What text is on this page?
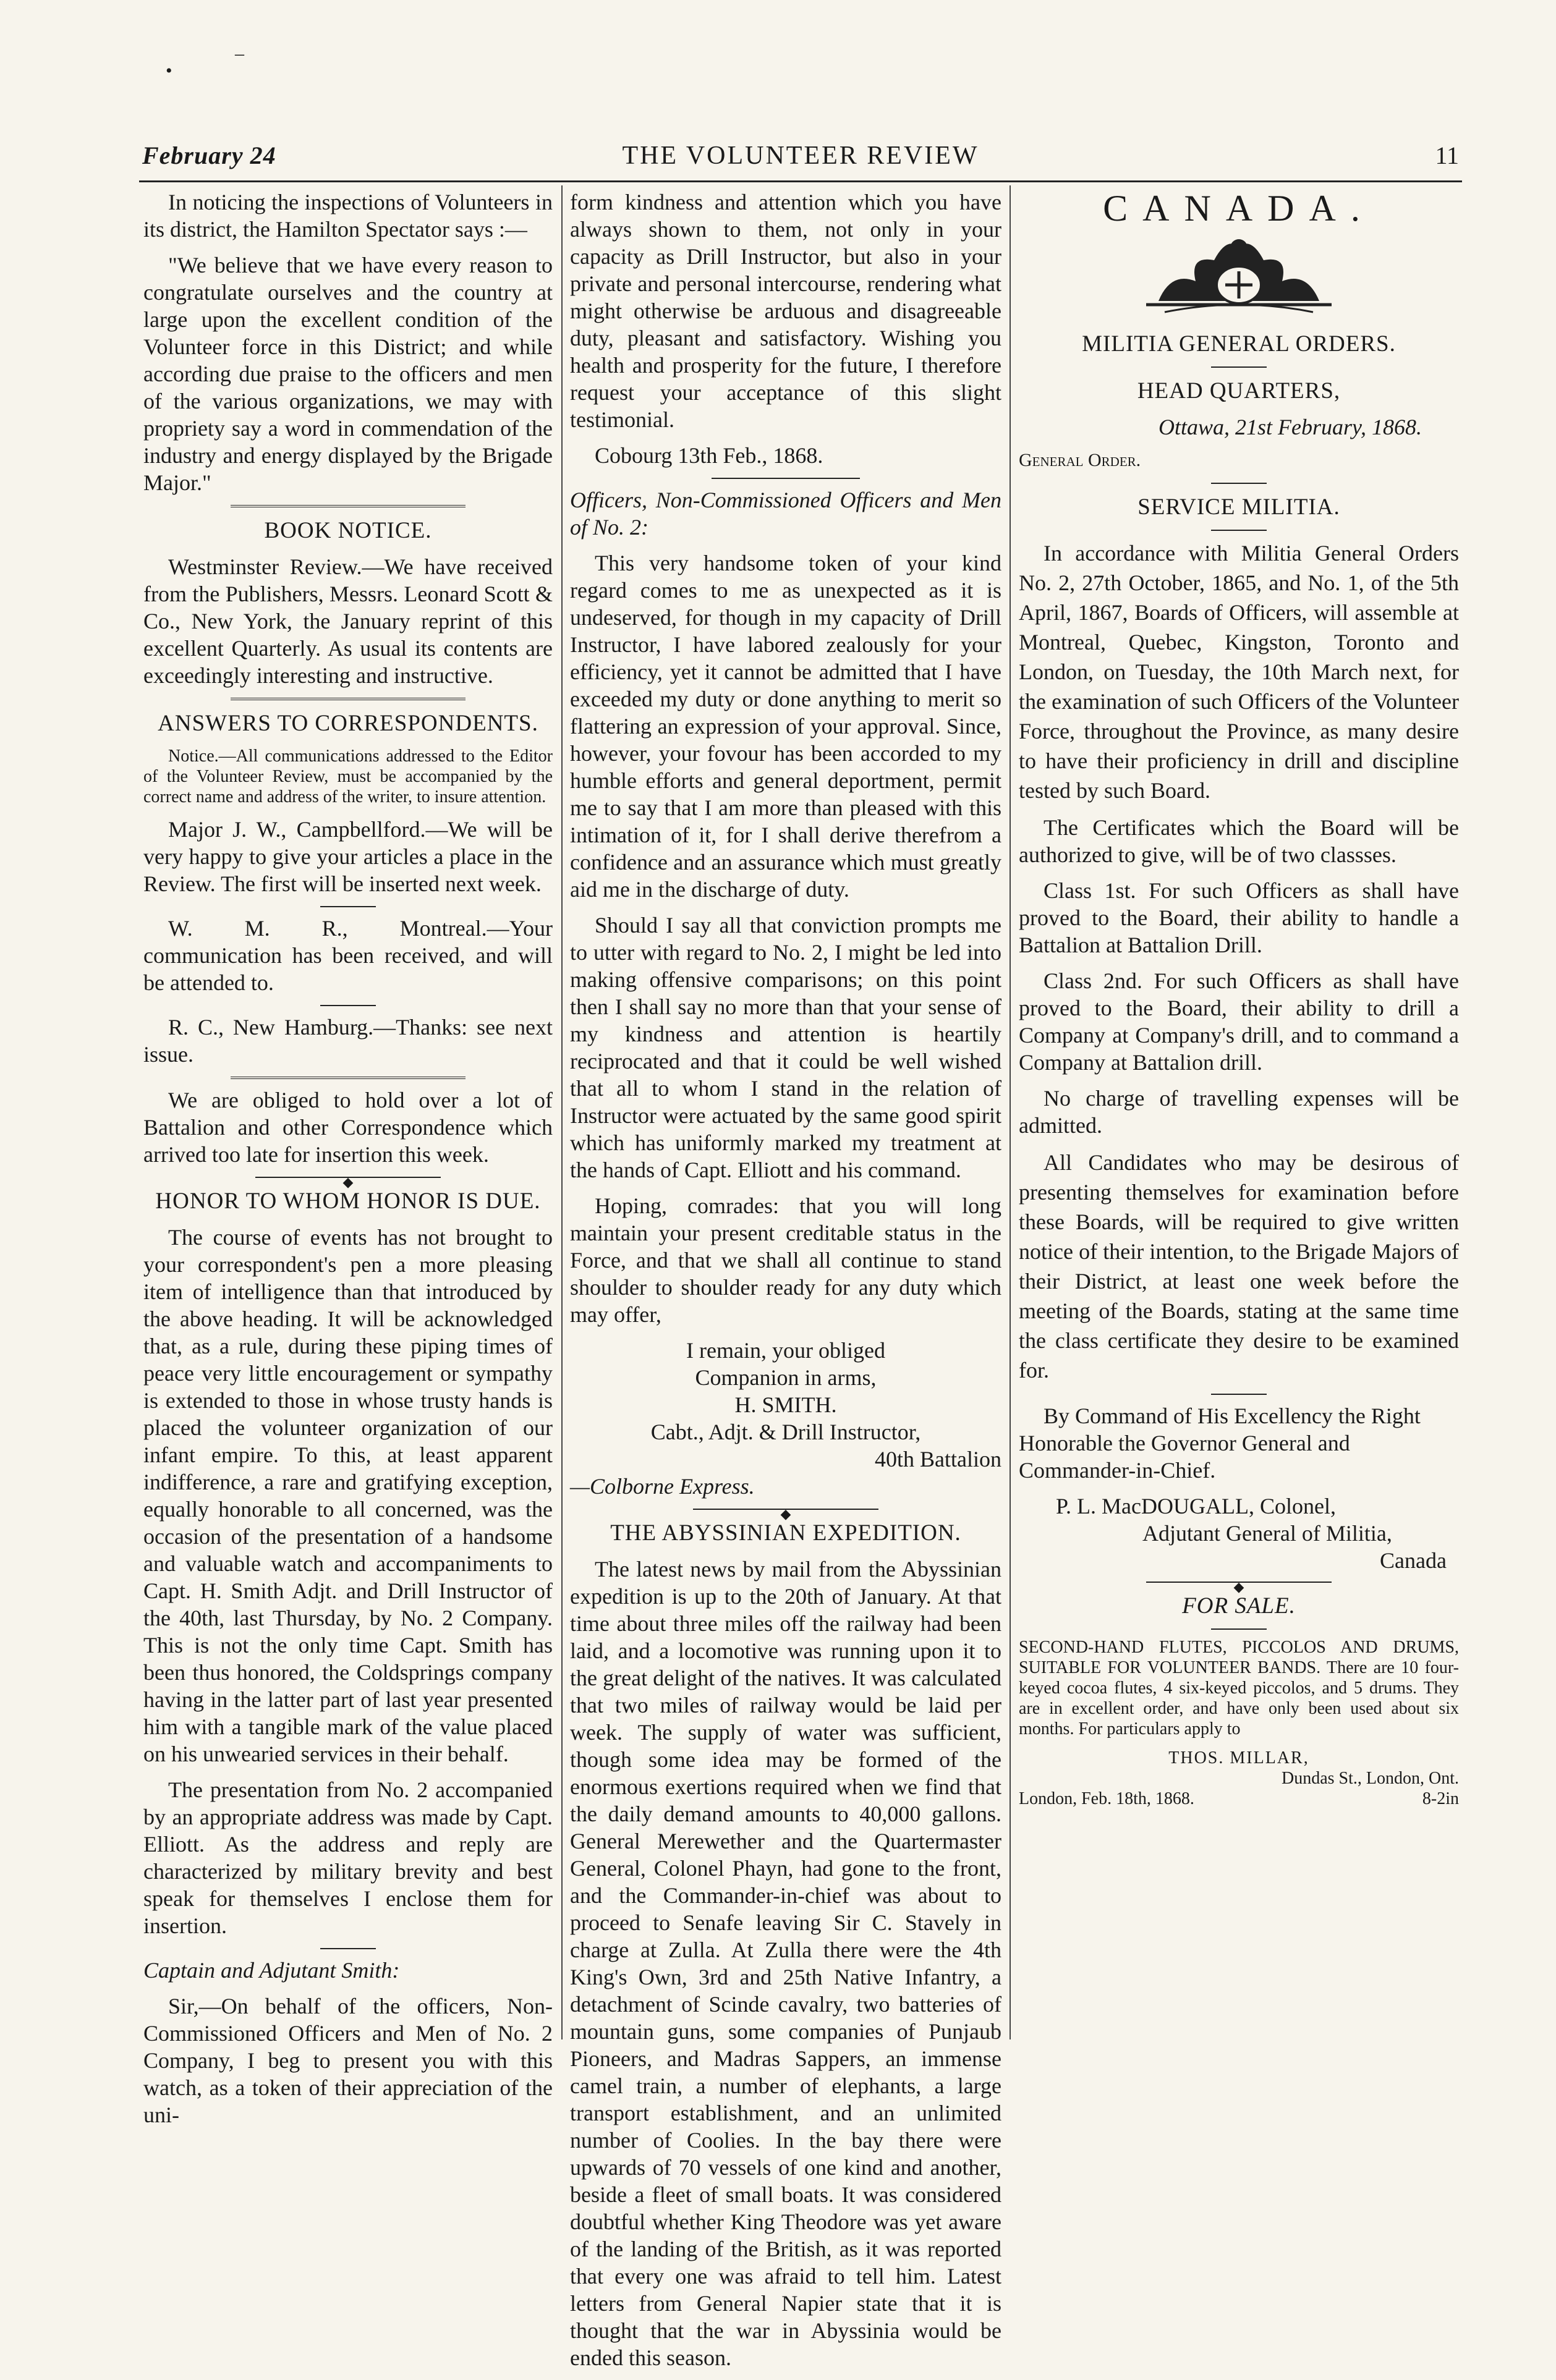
•
–
February 24	THE VOLUNTEER REVIEW	11

In noticing the inspections of Volunteers in its district, the Hamilton Spectator says :—

"We believe that we have every reason to congratulate ourselves and the country at large upon the excellent condition of the Volunteer force in this District; and while according due praise to the officers and men of the various organizations, we may with propriety say a word in commendation of the industry and energy displayed by the Brigade Major."

BOOK NOTICE.

Westminster Review.—We have received from the Publishers, Messrs. Leonard Scott & Co., New York, the January reprint of this excellent Quarterly. As usual its contents are exceedingly interesting and instructive.

ANSWERS TO CORRESPONDENTS.

Notice.—All communications addressed to the Editor of the Volunteer Review, must be accompanied by the correct name and address of the writer, to insure attention.

Major J. W., Campbellford.—We will be very happy to give your articles a place in the Review. The first will be inserted next week.

W. M. R., Montreal.—Your communication has been received, and will be attended to.

R. C., New Hamburg.—Thanks: see next issue.

We are obliged to hold over a lot of Battalion and other Correspondence which arrived too late for insertion this week.

◆
HONOR TO WHOM HONOR IS DUE.

The course of events has not brought to your correspondent's pen a more pleasing item of intelligence than that introduced by the above heading. It will be acknowledged that, as a rule, during these piping times of peace very little encouragement or sympathy is extended to those in whose trusty hands is placed the volunteer organization of our infant empire. To this, at least apparent indifference, a rare and gratifying exception, equally honorable to all concerned, was the occasion of the presentation of a handsome and valuable watch and accompaniments to Capt. H. Smith Adjt. and Drill Instructor of the 40th, last Thursday, by No. 2 Company. This is not the only time Capt. Smith has been thus honored, the Coldsprings company having in the latter part of last year presented him with a tangible mark of the value placed on his unwearied services in their behalf.

The presentation from No. 2 accompanied by an appropriate address was made by Capt. Elliott. As the address and reply are characterized by military brevity and best speak for themselves I enclose them for insertion.

Captain and Adjutant Smith:

Sir,—On behalf of the officers, Non-Commissioned Officers and Men of No. 2 Company, I beg to present you with this watch, as a token of their appreciation of the uni-

form kindness and attention which you have always shown to them, not only in your capacity as Drill Instructor, but also in your private and personal intercourse, rendering what might otherwise be arduous and disagreeable duty, pleasant and satisfactory. Wishing you health and prosperity for the future, I therefore request your acceptance of this slight testimonial.

Cobourg 13th Feb., 1868.

Officers, Non-Commissioned Officers and Men of No. 2:

This very handsome token of your kind regard comes to me as unexpected as it is undeserved, for though in my capacity of Drill Instructor, I have labored zealously for your efficiency, yet it cannot be admitted that I have exceeded my duty or done anything to merit so flattering an expression of your approval. Since, however, your fovour has been accorded to my humble efforts and general deportment, permit me to say that I am more than pleased with this intimation of it, for I shall derive therefrom a confidence and an assurance which must greatly aid me in the discharge of duty.

Should I say all that conviction prompts me to utter with regard to No. 2, I might be led into making offensive comparisons; on this point then I shall say no more than that your sense of my kindness and attention is heartily reciprocated and that it could be well wished that all to whom I stand in the relation of Instructor were actuated by the same good spirit which has uniformly marked my treatment at the hands of Capt. Elliott and his command.

Hoping, comrades: that you will long maintain your present creditable status in the Force, and that we shall all continue to stand shoulder to shoulder ready for any duty which may offer,

I remain, your obliged

Companion in arms,

H. SMITH.

Cabt., Adjt. & Drill Instructor,

40th Battalion

—Colborne Express.

◆
THE ABYSSINIAN EXPEDITION.

The latest news by mail from the Abyssinian expedition is up to the 20th of January. At that time about three miles off the railway had been laid, and a locomotive was running upon it to the great delight of the natives. It was calculated that two miles of railway would be laid per week. The supply of water was sufficient, though some idea may be formed of the enormous exertions required when we find that the daily demand amounts to 40,000 gallons. General Merewether and the Quartermaster General, Colonel Phayn, had gone to the front, and the Commander-in-chief was about to proceed to Senafe leaving Sir C. Stavely in charge at Zulla. At Zulla there were the 4th King's Own, 3rd and 25th Native Infantry, a detachment of Scinde cavalry, two batteries of mountain guns, some companies of Punjaub Pioneers, and Madras Sappers, an immense camel train, a number of elephants, a large transport establishment, and an unlimited number of Coolies. In the bay there were upwards of 70 vessels of one kind and another, beside a fleet of small boats. It was considered doubtful whether King Theodore was yet aware of the landing of the British, as it was reported that every one was afraid to tell him. Latest letters from General Napier state that it is thought that the war in Abyssinia would be ended this season.

CANADA.
MILITIA GENERAL ORDERS.
HEAD QUARTERS,

Ottawa, 21st February, 1868.

General Order.

SERVICE MILITIA.

In accordance with Militia General Orders No. 2, 27th October, 1865, and No. 1, of the 5th April, 1867, Boards of Officers, will assemble at Montreal, Quebec, Kingston, Toronto and London, on Tuesday, the 10th March next, for the examination of such Officers of the Volunteer Force, throughout the Province, as many desire to have their proficiency in drill and discipline tested by such Board.

The Certificates which the Board will be authorized to give, will be of two classses.

Class 1st. For such Officers as shall have proved to the Board, their ability to handle a Battalion at Battalion Drill.

Class 2nd. For such Officers as shall have proved to the Board, their ability to drill a Company at Company's drill, and to command a Company at Battalion drill.

No charge of travelling expenses will be admitted.

All Candidates who may be desirous of presenting themselves for examination before these Boards, will be required to give written notice of their intention, to the Brigade Majors of their District, at least one week before the meeting of the Boards, stating at the same time the class certificate they desire to be examined for.

By Command of His Excellency the Right Honorable the Governor General and Commander-in-Chief.

P. L. MacDOUGALL, Colonel,

Adjutant General of Militia,

Canada

◆
FOR SALE.

SECOND-HAND FLUTES, PICCOLOS AND DRUMS, SUITABLE FOR VOLUNTEER BANDS. There are 10 four-keyed cocoa flutes, 4 six-keyed piccolos, and 5 drums. They are in excellent order, and have only been used about six months. For particulars apply to

THOS. MILLAR,

Dundas St., London, Ont.

London, Feb. 18th, 1868.	8-2in
